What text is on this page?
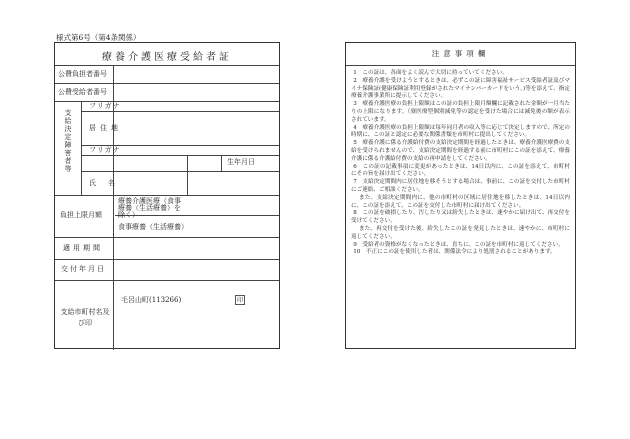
様式第6号（第4条関係）
療養介護医療受給者証
公費負担者番号
公費受給者番号
支給決定障害者等
フリガナ
居住地
フリガナ
生年月日
氏名
負担上限月額
療養介護医療（食事療養（生活療養）を除く）
食事療養（生活療養）
適用期間
交付年月日
支給市町村名及び印
毛呂山町(113266)	印
注意事項欄

1　この証は、各面をよく読んで大切に持っていてください。

2　療養介護を受けようとするときは、必ずこの証に障害福祉サービス受給者証及びマイナ保険証(健康保険証利用登録がされたマイナンバーカードをいう。)等を添えて、指定療養介護事業所に提示してください。

3　療養介護医療の負担上限額はこの証の負担上限月額欄に記載された金額が一月当たりの上限になります。（寮医療型個別減免等の認定を受けた場合には減免後の額が表示されています。

4　療養介護医療の負担上限額は毎年同月者の収入等に応じて決定しますので、所定の時期に、この証と認定に必要な関係書類を市町村に提出してください。

5　療養介護に係る介護給付費の支給決定期間を経過したときは、療養介護医療費の支給を受けられませんので、支給決定期間を経過する前に市町村にこの証を添えて、療養介護に係る介護給付費の支給の再申請をしてください。

6　この証の記載事項に変更があったときは、14日以内に、この証を添えて、市町村にその旨を届け出てください。

7　支給決定期間内に居住地を移そうとする場合は、事前に、この証を交付した市町村にご連絡、ご相談ください。

　また、支給決定期間内に、他の市町村の区域に居住地を移したときは、14日以内に、この証を添えて、この証を交付した市町村に届け出てください。

8　この証を破損したり、汚したり又は紛失したときは、速やかに届け出て、再交付を受けてください。

　また、再交付を受けた後、紛失したこの証を発見したときは、速やかに、市町村に返してください。

9　受給者の資格がなくなったときは、直ちに、この証を市町村に返してください。

10　不正にこの証を使用した者は、関係法令により処罰されることがあります。
